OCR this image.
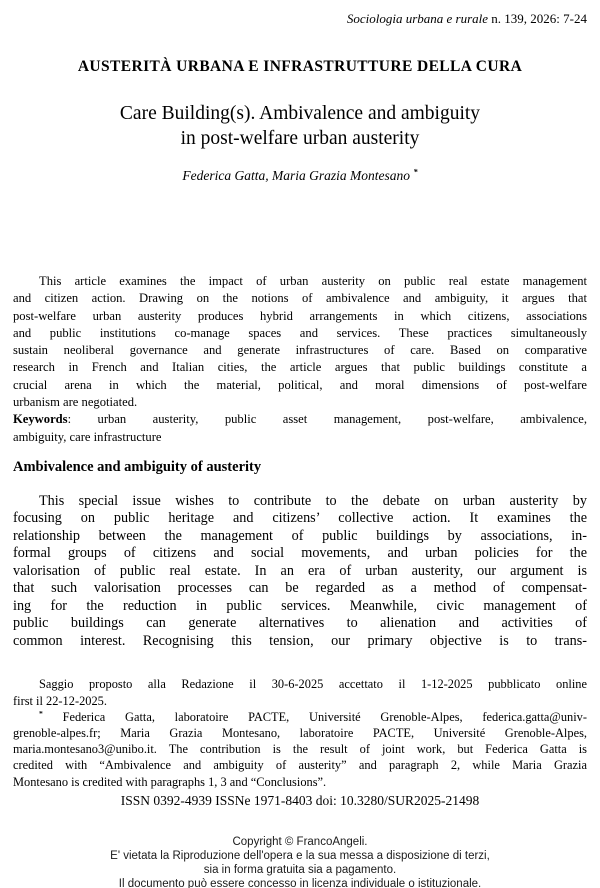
Sociologia urbana e rurale n. 139, 2026: 7-24
AUSTERITÀ URBANA E INFRASTRUTTURE DELLA CURA
Care Building(s). Ambivalence and ambiguity
in post-welfare urban austerity
Federica Gatta, Maria Grazia Montesano *
This article examines the impact of urban austerity on public real estate management
and citizen action. Drawing on the notions of ambivalence and ambiguity, it argues that
post-welfare urban austerity produces hybrid arrangements in which citizens, associations
and public institutions co-manage spaces and services. These practices simultaneously
sustain neoliberal governance and generate infrastructures of care. Based on comparative
research in French and Italian cities, the article argues that public buildings constitute a
crucial arena in which the material, political, and moral dimensions of post-welfare
urbanism are negotiated.
Keywords: urban austerity, public asset management, post-welfare, ambivalence,
ambiguity, care infrastructure
Ambivalence and ambiguity of austerity
This special issue wishes to contribute to the debate on urban austerity by
focusing on public heritage and citizens’ collective action. It examines the
relationship between the management of public buildings by associations, in-
formal groups of citizens and social movements, and urban policies for the
valorisation of public real estate. In an era of urban austerity, our argument is
that such valorisation processes can be regarded as a method of compensat-
ing for the reduction in public services. Meanwhile, civic management of
public buildings can generate alternatives to alienation and activities of
common interest. Recognising this tension, our primary objective is to trans-
Saggio proposto alla Redazione il 30-6-2025 accettato il 1-12-2025 pubblicato online
first il 22-12-2025.
* Federica Gatta, laboratoire PACTE, Université Grenoble-Alpes, federica.gatta@univ-
grenoble-alpes.fr; Maria Grazia Montesano, laboratoire PACTE, Université Grenoble-Alpes,
maria.montesano3@unibo.it. The contribution is the result of joint work, but Federica Gatta is
credited with “Ambivalence and ambiguity of austerity” and paragraph 2, while Maria Grazia
Montesano is credited with paragraphs 1, 3 and “Conclusions”.
ISSN 0392-4939 ISSNe 1971-8403 doi: 10.3280/SUR2025-21498
Copyright © FrancoAngeli.
E' vietata la Riproduzione dell'opera e la sua messa a disposizione di terzi,
sia in forma gratuita sia a pagamento.
Il documento può essere concesso in licenza individuale o istituzionale.
